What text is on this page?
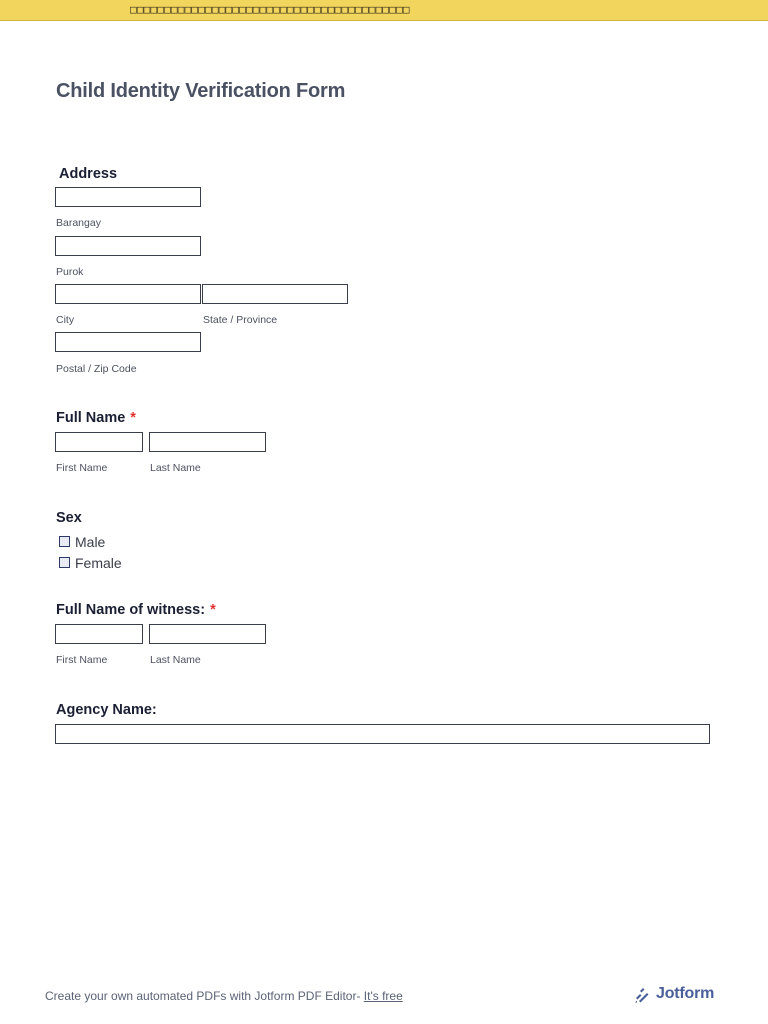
□□□□□□□□□□□□□□□□□□□□□□□□□□□□□□□□□□□□□□□□□
Child Identity Verification Form
Address
Barangay
Purok
City	State / Province
Postal / Zip Code
Full Name *
First Name	Last Name
Sex
Male
Female
Full Name of witness: *
First Name	Last Name
Agency Name:
Create your own automated PDFs with Jotform PDF Editor- It's free	Jotform
